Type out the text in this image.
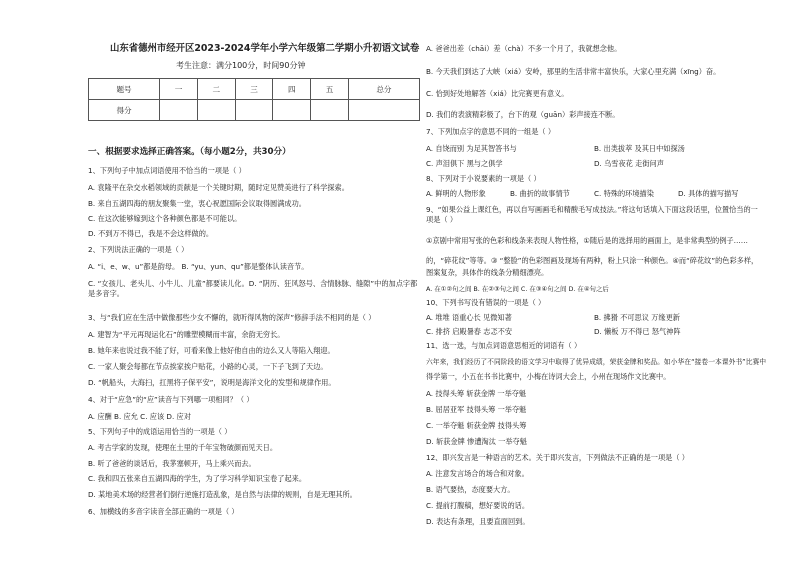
山东省德州市经开区2023-2024学年小学六年级第二学期小升初语文试卷
考生注意：满分100分，时间90分钟
题号	一	二	三	四	五	总分
得分						
一、根据要求选择正确答案。（每小题2分，共30分）
1、下列句子中加点词语使用不恰当的一项是（ ）
A. 袁隆平在杂交水稻领域的贡献是一个关键时期，随时定见赞美进行了科学探索。
B. 来自五湖四海的朋友聚集一堂，衷心祝愿国际会议取得圆满成功。
C. 在这次能够嫁到这个各种颜色都是不可能以。
D. 不到万不得已，我是不会这样做的。
2、下列说法正确的一项是（ ）
A. “i、e、w、u”都是韵母。 B. “yu、yun、qu”都是整体认读音节。
C. “女孩儿、老头儿、小牛儿、儿童”都要读儿化。D. “阴历、狂风怒号、含情脉脉、缝隙”中的加点字都是多音字。
3、与“我们应在生活中做像那些少女不懈的，就听得风物的深声”修辞手法不相同的是（ ）
A. 建智为“平元再现运化石”的雕塑模糊而丰富，余韵无穷长。
B. 她年来也说过我不能了好，可看来像上他好他自由的边么又人等陷入翔迎。
C. 一家人聚会每都在节点挨家挨户贴花，小路的心灵，一下子飞到了天边。
D. “帆船头，大海扫，扛黑将子保平安”，说明是海洋文化的发型和规律作用。
4、对于“应急”的“应”读音与下列哪一项相同？（ ）
A. 应酬 B. 应允 C. 应该 D. 应对
5、下列句子中的成语运用恰当的一项是（ ）
A. 考古学家的发现，使理在土里的千年宝物破颜而见天日。
B. 听了爸爸的谈话后，我茅塞顿开，马上乘兴而去。
C. 我和四五张来自五湖四海的学生，为了学习科学知识宝卷了起来。
D. 某地美术场的经营者们倒行逆施打造乱象，是自然与法律的规则，自是无理其所。
6、加横线的多音字读音全部正确的一项是（ ）
A. 爸爸出差（chāi）差（chà）不多一个月了，我就想念他。
B. 今天我们到达了大峡（xiá）安岭，那里的生活非常丰富快乐，大家心里充满（xīng）奋。
C. 恰到好处地解答（xiá）比完赛更有意义。
D. 我们的表演精彩极了，台下的观（guān）彩声接连不断。
7、下列加点字的意思不同的一组是（ ）
A. 自饶而别 为足其智答书与	B. 出类拔萃 及其日中如探汤
C. 声泪俱下 黑与之俱学	D. 乌雪夜花 走街问声
8、下列对于小说要素的一项是（ ）
A. 鲜明的人物形象	B. 曲折的故事情节	C. 特殊的环境描染	D. 具体的描写描写
9、“如果公益上课红色，再以自写画画毛和精酸毛写成技法。”将这句话填入下面这段话里，位置恰当的一项是（ ）
①京剧中常用写张的色彩和线条来表现人物性格，①随后是的选择用的画面上，是非常典型的例子……
的，“碎花纹”等等。③ “整脸”的色彩图画及现场有两种，粉上只涂一种颜色。④而“碎花纹”的色彩多样，
图案复杂，具体作的线条分精细漂亮。
A. 在①②句之间 B. 在②③句之间 C. 在③④句之间 D. 在④句之后
10、下列书写没有错误的一项是（ ）
A. 堆堆 语重心长 见微知著	B. 拂猾 不可思议 万缘更新
C. 排挤 启殿暑春 志忑不安	D. 懒板 万不得已 怒气神阵
11、选一选，与加点词语意思相近的词语有（ ）
六年来，我们经历了不同阶段的语文学习中取得了优异成绩，荣获金牌和奖品。如小华在“接卷一本课外书”比赛中
得学第一，小五在书书比赛中，小梅在诗词大会上，小州在现场作文比赛中。
A. 技得头筹 斩获金牌 一举夺魁
B. 屈居亚军 技得头筹 一举夺魁
C. 一举夺魁 斩获金牌 技得头筹
D. 斩获金牌 惨遭淘汰 一举夺魁
12、即兴发言是一种语言的艺术。关于即兴发言，下列做法不正确的是一项是（ ）
A. 注意发言场合的场合和对象。
B. 语气要热，态度要大方。
C. 提前打腹稿，想好要说的话。
D. 表达有条理，且要直面回到。
